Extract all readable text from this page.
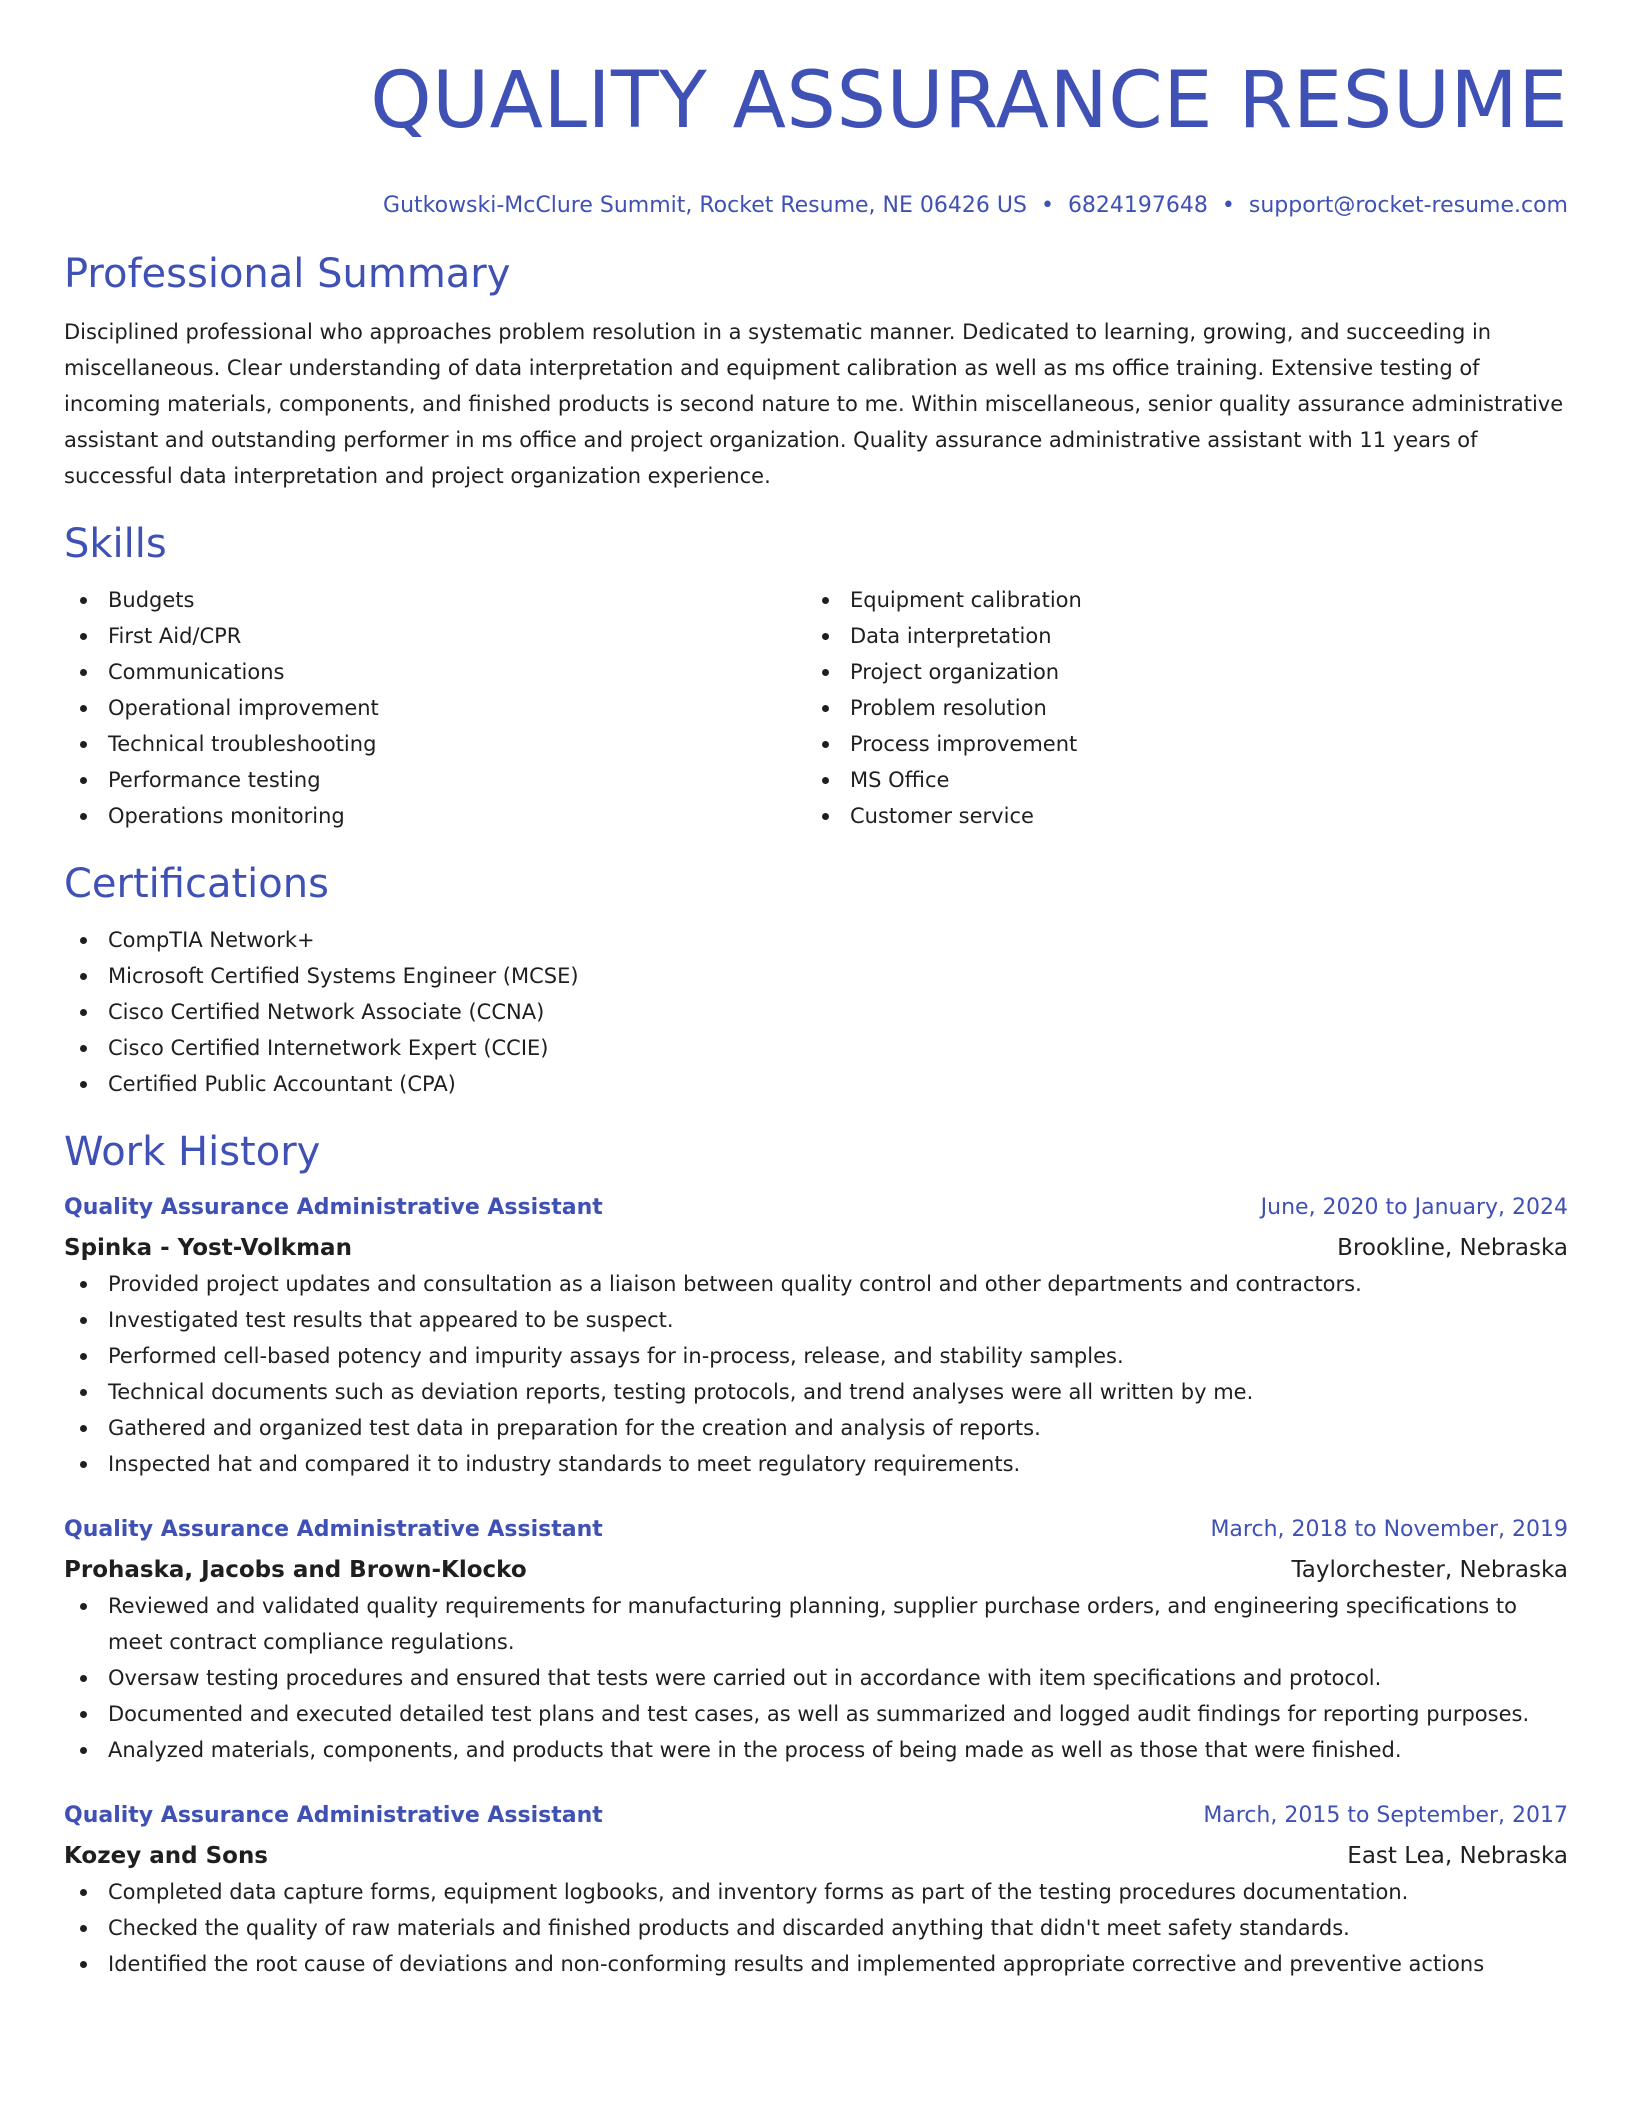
QUALITY ASSURANCE RESUME
Gutkowski-McClure Summit, Rocket Resume, NE 06426 US • 6824197648 • support@rocket-resume.com
Professional Summary
Disciplined professional who approaches problem resolution in a systematic manner. Dedicated to learning, growing, and succeeding in miscellaneous. Clear understanding of data interpretation and equipment calibration as well as ms office training. Extensive testing of incoming materials, components, and finished products is second nature to me. Within miscellaneous, senior quality assurance administrative assistant and outstanding performer in ms office and project organization. Quality assurance administrative assistant with 11 years of successful data interpretation and project organization experience.
Skills
Budgets
First Aid/CPR
Communications
Operational improvement
Technical troubleshooting
Performance testing
Operations monitoring
Equipment calibration
Data interpretation
Project organization
Problem resolution
Process improvement
MS Office
Customer service
Certifications
CompTIA Network+
Microsoft Certified Systems Engineer (MCSE)
Cisco Certified Network Associate (CCNA)
Cisco Certified Internetwork Expert (CCIE)
Certified Public Accountant (CPA)
Work History
Quality Assurance Administrative Assistant	June, 2020 to January, 2024
Spinka - Yost-Volkman	Brookline, Nebraska
Provided project updates and consultation as a liaison between quality control and other departments and contractors.
Investigated test results that appeared to be suspect.
Performed cell-based potency and impurity assays for in-process, release, and stability samples.
Technical documents such as deviation reports, testing protocols, and trend analyses were all written by me.
Gathered and organized test data in preparation for the creation and analysis of reports.
Inspected hat and compared it to industry standards to meet regulatory requirements.
Quality Assurance Administrative Assistant	March, 2018 to November, 2019
Prohaska, Jacobs and Brown-Klocko	Taylorchester, Nebraska
Reviewed and validated quality requirements for manufacturing planning, supplier purchase orders, and engineering specifications to meet contract compliance regulations.
Oversaw testing procedures and ensured that tests were carried out in accordance with item specifications and protocol.
Documented and executed detailed test plans and test cases, as well as summarized and logged audit findings for reporting purposes.
Analyzed materials, components, and products that were in the process of being made as well as those that were finished.
Quality Assurance Administrative Assistant	March, 2015 to September, 2017
Kozey and Sons	East Lea, Nebraska
Completed data capture forms, equipment logbooks, and inventory forms as part of the testing procedures documentation.
Checked the quality of raw materials and finished products and discarded anything that didn't meet safety standards.
Identified the root cause of deviations and non-conforming results and implemented appropriate corrective and preventive actions
